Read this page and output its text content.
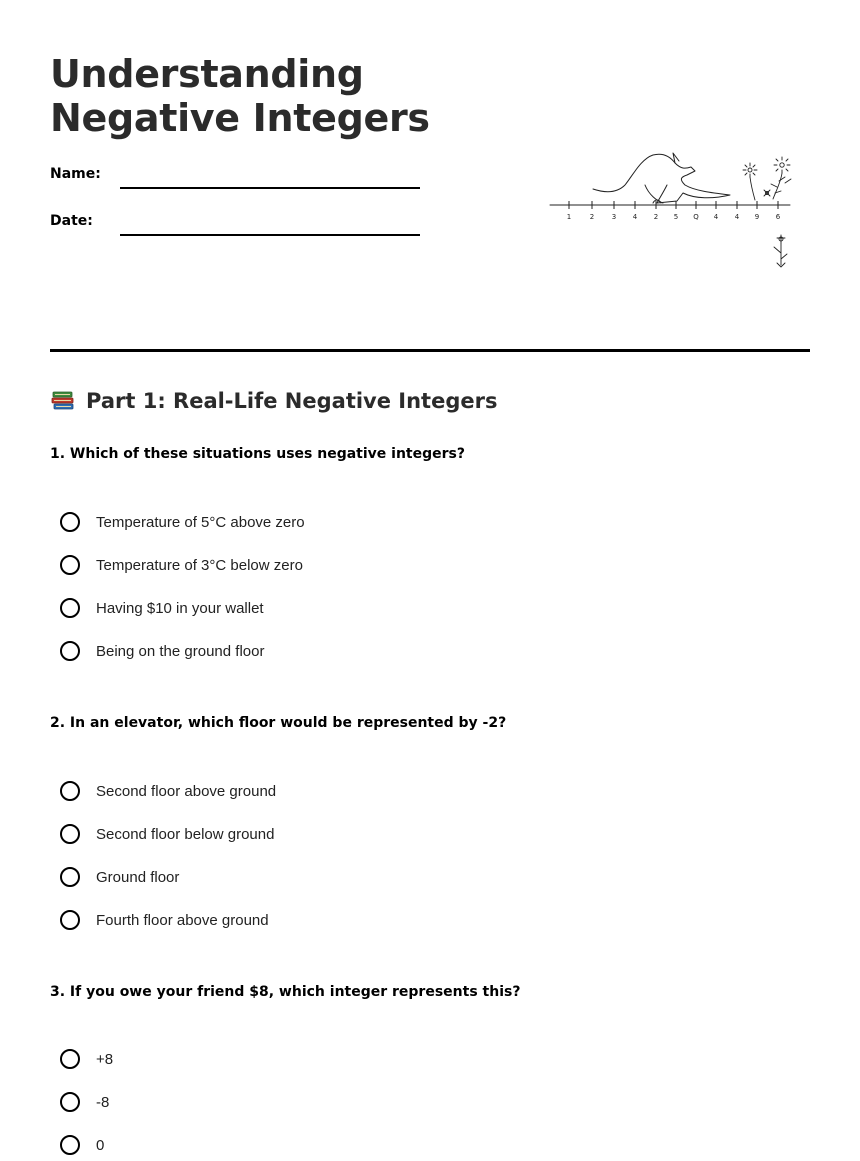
Understanding
Negative Integers
Name:
Date:	1	2	3 4 2 5 Q 4 4 9 6
Part 1: Real-Life Negative Integers
1. Which of these situations uses negative integers?
Temperature of 5°C above zero
Temperature of 3°C below zero
Having $10 in your wallet
Being on the ground floor
2. In an elevator, which floor would be represented by -2?
Second floor above ground
Second floor below ground
Ground floor
Fourth floor above ground
3. If you owe your friend $8, which integer represents this?
+8
-8
0
